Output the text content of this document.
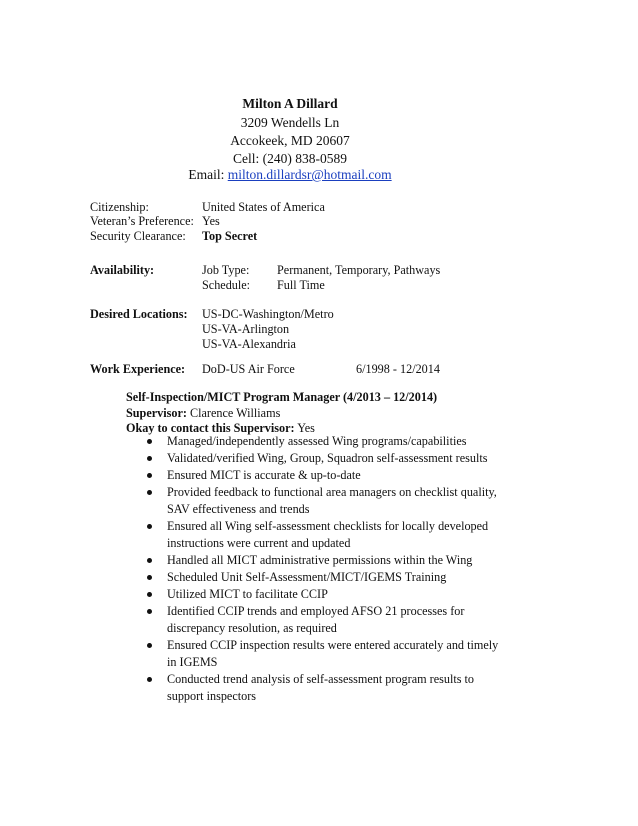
Milton A Dillard
3209 Wendells Ln
Accokeek, MD 20607
Cell: (240) 838-0589
Email: milton.dillardsr@hotmail.com
Citizenship:	United States of America
Veteran’s Preference: Yes
Security Clearance: Top Secret
Availability:	Job Type: Permanent, Temporary, Pathways
Schedule: Full Time
Desired Locations: US-DC-Washington/Metro
US-VA-Arlington
US-VA-Alexandria
Work Experience: DoD-US Air Force	6/1998 - 12/2014
Self-Inspection/MICT Program Manager (4/2013 – 12/2014)
Supervisor: Clarence Williams
Okay to contact this Supervisor: Yes
Managed/independently assessed Wing programs/capabilities
Validated/verified Wing, Group, Squadron self-assessment results
Ensured MICT is accurate & up-to-date
Provided feedback to functional area managers on checklist quality, SAV effectiveness and trends
Ensured all Wing self-assessment checklists for locally developed instructions were current and updated
Handled all MICT administrative permissions within the Wing
Scheduled Unit Self-Assessment/MICT/IGEMS Training
Utilized MICT to facilitate CCIP
Identified CCIP trends and employed AFSO 21 processes for discrepancy resolution, as required
Ensured CCIP inspection results were entered accurately and timely in IGEMS
Conducted trend analysis of self-assessment program results to support inspectors
